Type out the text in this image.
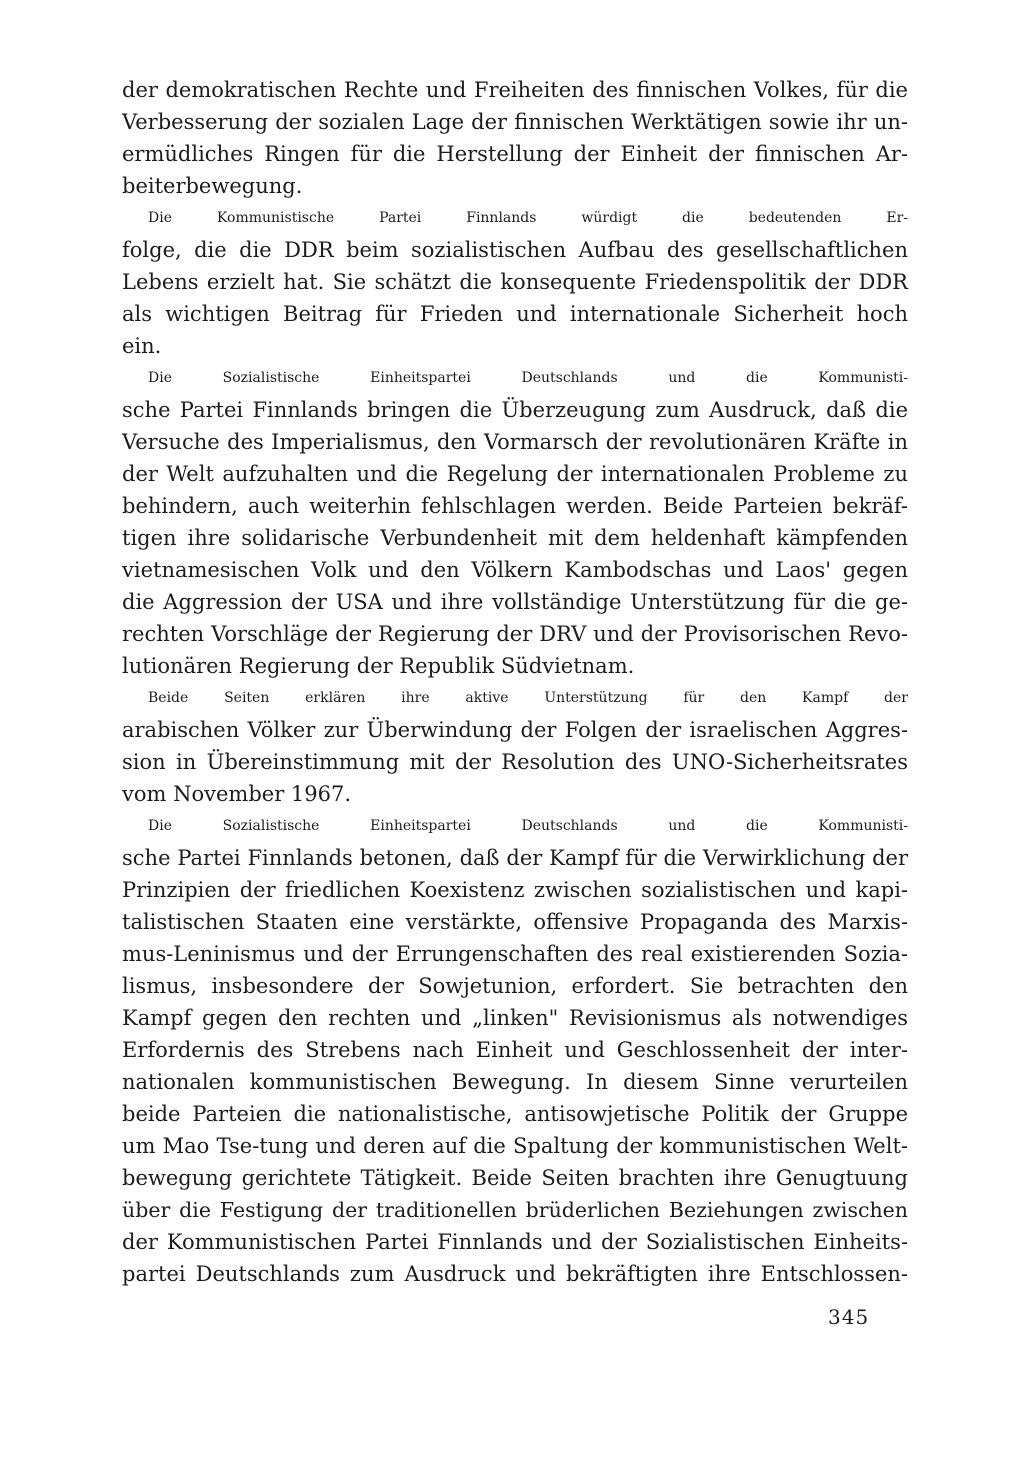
der demokratischen Rechte und Freiheiten des finnischen Volkes, für die
Verbesserung der sozialen Lage der finnischen Werktätigen sowie ihr un-
ermüdliches Ringen für die Herstellung der Einheit der finnischen Ar-
beiterbewegung.
Die Kommunistische Partei Finnlands würdigt die bedeutenden Er-
folge, die die DDR beim sozialistischen Aufbau des gesellschaftlichen
Lebens erzielt hat. Sie schätzt die konsequente Friedenspolitik der DDR
als wichtigen Beitrag für Frieden und internationale Sicherheit hoch
ein.
Die Sozialistische Einheitspartei Deutschlands und die Kommunisti-
sche Partei Finnlands bringen die Überzeugung zum Ausdruck, daß die
Versuche des Imperialismus, den Vormarsch der revolutionären Kräfte in
der Welt aufzuhalten und die Regelung der internationalen Probleme zu
behindern, auch weiterhin fehlschlagen werden. Beide Parteien bekräf-
tigen ihre solidarische Verbundenheit mit dem heldenhaft kämpfenden
vietnamesischen Volk und den Völkern Kambodschas und Laos' gegen
die Aggression der USA und ihre vollständige Unterstützung für die ge-
rechten Vorschläge der Regierung der DRV und der Provisorischen Revo-
lutionären Regierung der Republik Südvietnam.
Beide Seiten erklären ihre aktive Unterstützung für den Kampf der
arabischen Völker zur Überwindung der Folgen der israelischen Aggres-
sion in Übereinstimmung mit der Resolution des UNO-Sicherheitsrates
vom November 1967.
Die Sozialistische Einheitspartei Deutschlands und die Kommunisti-
sche Partei Finnlands betonen, daß der Kampf für die Verwirklichung der
Prinzipien der friedlichen Koexistenz zwischen sozialistischen und kapi-
talistischen Staaten eine verstärkte, offensive Propaganda des Marxis-
mus-Leninismus und der Errungenschaften des real existierenden Sozia-
lismus, insbesondere der Sowjetunion, erfordert. Sie betrachten den
Kampf gegen den rechten und „linken" Revisionismus als notwendiges
Erfordernis des Strebens nach Einheit und Geschlossenheit der inter-
nationalen kommunistischen Bewegung. In diesem Sinne verurteilen
beide Parteien die nationalistische, antisowjetische Politik der Gruppe
um Mao Tse-tung und deren auf die Spaltung der kommunistischen Welt-
bewegung gerichtete Tätigkeit. Beide Seiten brachten ihre Genugtuung
über die Festigung der traditionellen brüderlichen Beziehungen zwischen
der Kommunistischen Partei Finnlands und der Sozialistischen Einheits-
partei Deutschlands zum Ausdruck und bekräftigten ihre Entschlossen-
345
